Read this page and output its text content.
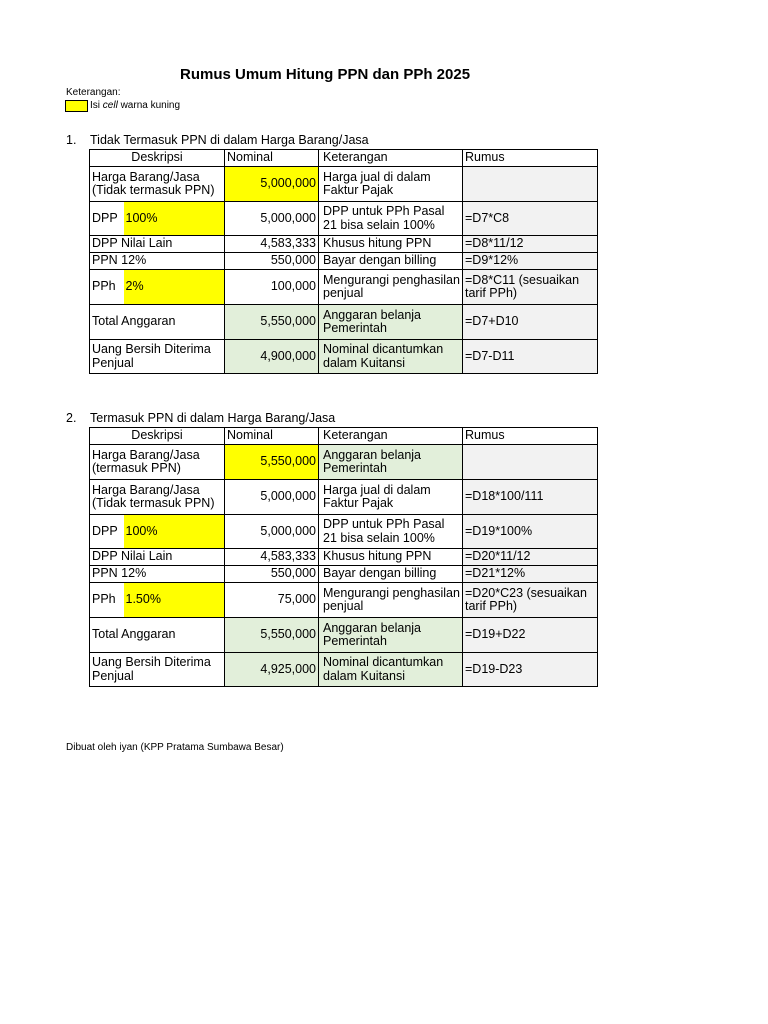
Rumus Umum Hitung PPN dan PPh 2025
Keterangan:
Isi cell warna kuning
1. Tidak Termasuk PPN di dalam Harga Barang/Jasa
Deskripsi		Nominal	Keterangan	Rumus
Harga Barang/Jasa (Tidak termasuk PPN)		5,000,000	Harga jual di dalam Faktur Pajak	
DPP	100%	5,000,000	DPP untuk PPh Pasal 21 bisa selain 100%	=D7*C8
DPP Nilai Lain		4,583,333	Khusus hitung PPN	=D8*11/12
PPN 12%		550,000	Bayar dengan billing	=D9*12%
PPh	2%	100,000	Mengurangi penghasilan penjual	=D8*C11 (sesuaikan tarif PPh)
Total Anggaran		5,550,000	Anggaran belanja Pemerintah	=D7+D10
Uang Bersih Diterima Penjual		4,900,000	Nominal dicantumkan dalam Kuitansi	=D7-D11
2. Termasuk PPN di dalam Harga Barang/Jasa
Deskripsi		Nominal	Keterangan	Rumus
Harga Barang/Jasa (termasuk PPN)		5,550,000	Anggaran belanja Pemerintah	
Harga Barang/Jasa (Tidak termasuk PPN)		5,000,000	Harga jual di dalam Faktur Pajak	=D18*100/111
DPP	100%	5,000,000	DPP untuk PPh Pasal 21 bisa selain 100%	=D19*100%
DPP Nilai Lain		4,583,333	Khusus hitung PPN	=D20*11/12
PPN 12%		550,000	Bayar dengan billing	=D21*12%
PPh	1.50%	75,000	Mengurangi penghasilan penjual	=D20*C23 (sesuaikan tarif PPh)
Total Anggaran		5,550,000	Anggaran belanja Pemerintah	=D19+D22
Uang Bersih Diterima Penjual		4,925,000	Nominal dicantumkan dalam Kuitansi	=D19-D23
Dibuat oleh iyan (KPP Pratama Sumbawa Besar)
